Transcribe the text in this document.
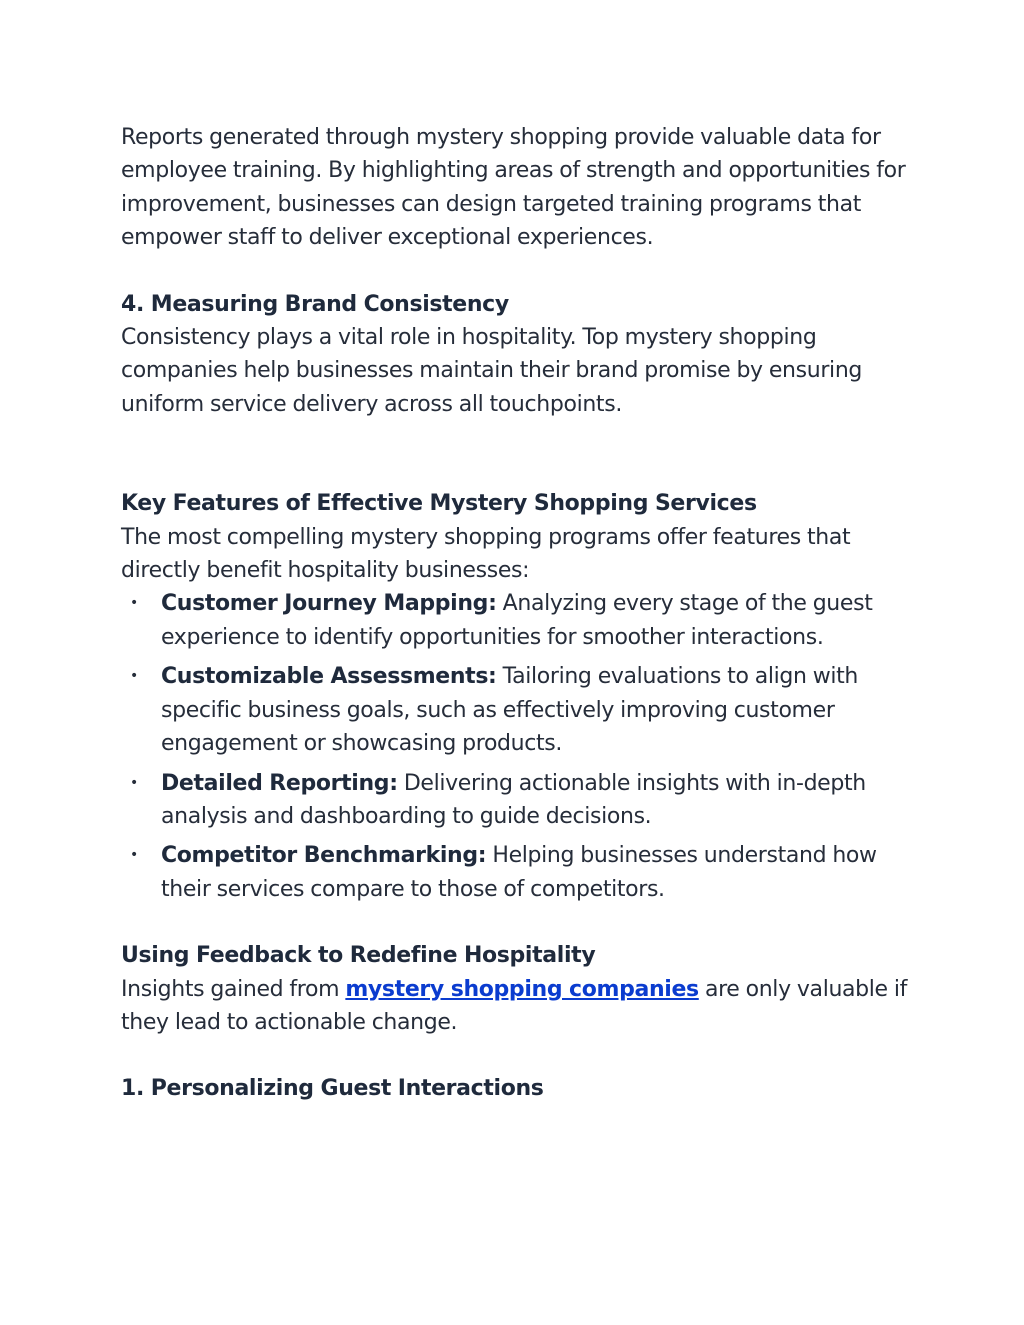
Reports generated through mystery shopping provide valuable data for employee training. By highlighting areas of strength and opportunities for improvement, businesses can design targeted training programs that empower staff to deliver exceptional experiences.

4. Measuring Brand Consistency

Consistency plays a vital role in hospitality. Top mystery shopping companies help businesses maintain their brand promise by ensuring uniform service delivery across all touchpoints.

Key Features of Effective Mystery Shopping Services

The most compelling mystery shopping programs offer features that directly benefit hospitality businesses:

• Customer Journey Mapping: Analyzing every stage of the guest experience to identify opportunities for smoother interactions.
• Customizable Assessments: Tailoring evaluations to align with specific business goals, such as effectively improving customer engagement or showcasing products.
• Detailed Reporting: Delivering actionable insights with in-depth analysis and dashboarding to guide decisions.
• Competitor Benchmarking: Helping businesses understand how their services compare to those of competitors.

Using Feedback to Redefine Hospitality

Insights gained from mystery shopping companies are only valuable if they lead to actionable change.

1. Personalizing Guest Interactions
